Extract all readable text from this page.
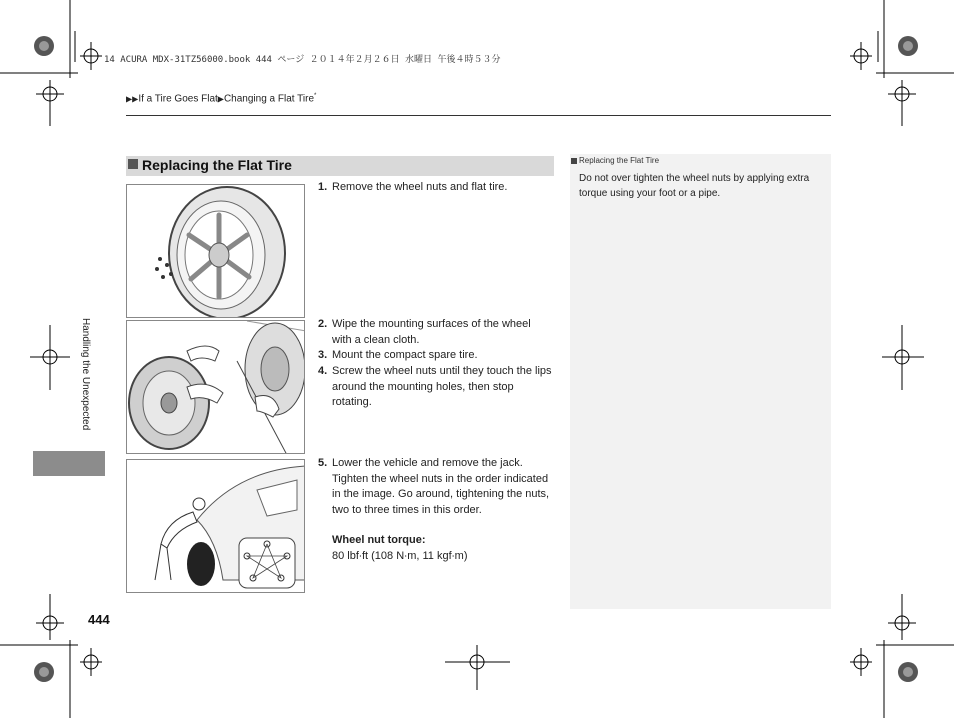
14 ACURA MDX-31TZ56000.book 444 ページ ２０１４年２月２６日 水曜日 午後４時５３分
▶▶If a Tire Goes Flat▶Changing a Flat Tire*
Handling the Unexpected
Replacing the Flat Tire
1. Remove the wheel nuts and flat tire.
2. Wipe the mounting surfaces of the wheel with a clean cloth.
3. Mount the compact spare tire.
4. Screw the wheel nuts until they touch the lips around the mounting holes, then stop rotating.
5. Lower the vehicle and remove the jack. Tighten the wheel nuts in the order indicated in the image. Go around, tightening the nuts, two to three times in this order.
Wheel nut torque:
80 lbf∙ft (108 N∙m, 11 kgf∙m)
Replacing the Flat Tire
Do not over tighten the wheel nuts by applying extra torque using your foot or a pipe.
444
